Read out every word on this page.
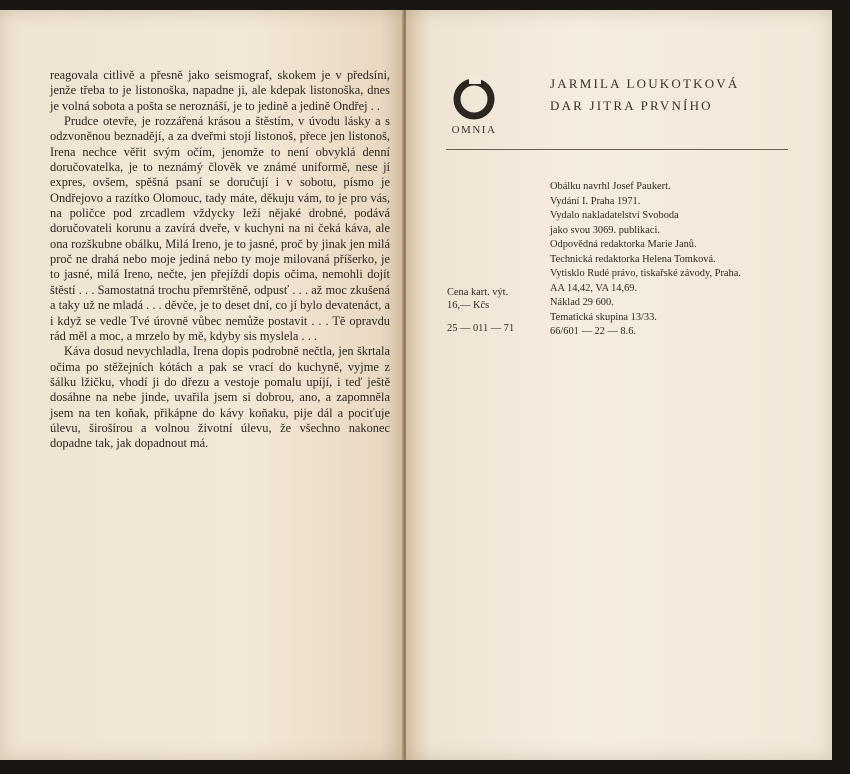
reagovala citlivě a přesně jako seismograf, skokem je v předsíni, jenže třeba to je listonoška, napadne ji, ale kdepak listonoška, dnes je volná sobota a pošta se neroznáší, je to jedině a jedině Ondřej . .

Prudce otevře, je rozzářená krásou a štěstím, v úvodu lásky a s odzvoněnou beznadějí, a za dveřmi stojí listonoš, přece jen listonoš, Irena nechce věřit svým očím, jenomže to není obvyklá denní doručovatelka, je to neznámý člověk ve známé uniformě, nese jí expres, ovšem, spěšná psaní se doručují i v sobotu, písmo je Ondřejovo a razítko Olomouc, tady máte, děkuju vám, to je pro vás, na poličce pod zrcadlem vždycky leží nějaké drobné, podává doručovateli korunu a zavírá dveře, v kuchyni na ni čeká káva, ale ona rozškubne obálku, Milá Ireno, je to jasné, proč by jinak jen milá proč ne drahá nebo moje jediná nebo ty moje milovaná příšerko, je to jasné, milá Ireno, nečte, jen přejíždí dopis očima, nemohli dojít štěstí . . . Samostatná trochu přemrštěně, odpusť . . . až moc zkušená a taky už ne mladá . . . děvče, je to deset dní, co jí bylo devatenáct, a i když se vedle Tvé úrovně vůbec nemůže postavit . . . Tě opravdu rád měl a moc, a mrzelo by mě, kdyby sis myslela . . .

Káva dosud nevychladla, Irena dopis podrobně nečtla, jen škrtala očima po stěžejních kótách a pak se vrací do kuchyně, vyjme z šálku lžičku, vhodí ji do dřezu a vestoje pomalu upíjí, i teď ještě dosáhne na nebe jinde, uvařila jsem si dobrou, ano, a zapomněla jsem na ten koňak, přikápne do kávy koňaku, pije dál a pociťuje úlevu, širošírou a volnou životní úlevu, že všechno nakonec dopadne tak, jak dopadnout má.

OMNIA
JARMILA LOUKOTKOVÁ
DAR JITRA PRVNÍHO
Obálku navrhl Josef Paukert.
Vydání I. Praha 1971.
Vydalo nakladatelství Svoboda
jako svou 3069. publikaci.
Odpovědná redaktorka Marie Janů.
Technická redaktorka Helena Tomková.
Vytisklo Rudé právo, tiskařské závody, Praha.
AA 14,42, VA 14,69.
Náklad 29 600.
Tematická skupina 13/33.
66/601 — 22 — 8.6.
Cena kart. výt.
16,— Kčs
25 — 011 — 71
